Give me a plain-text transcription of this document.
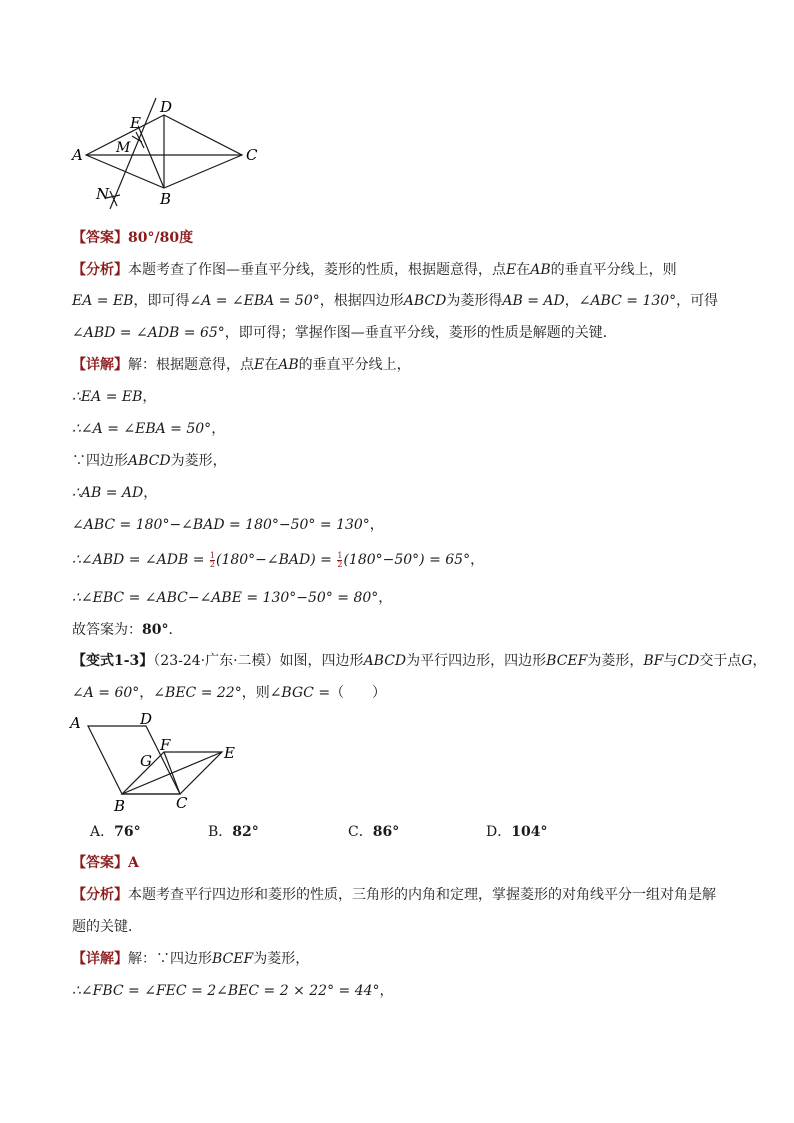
A
D
C
B
E
M
N
【答案】80°/80度
【分析】本题考查了作图—垂直平分线，菱形的性质，根据题意得，点E在AB的垂直平分线上，则
EA = EB，即可得∠A = ∠EBA = 50°，根据四边形ABCD为菱形得AB = AD，∠ABC = 130°，可得
∠ABD = ∠ADB = 65°，即可得；掌握作图—垂直平分线，菱形的性质是解题的关键．
【详解】解：根据题意得，点E在AB的垂直平分线上，
∴EA = EB，
∴∠A = ∠EBA = 50°，
∵四边形ABCD为菱形，
∴AB = AD，
∠ABC = 180°−∠BAD = 180°−50° = 130°，
∴∠ABD = ∠ADB = $\frac{1}{2}$ (180°−∠BAD) = $\frac{1}{2} (180^\circ-50^\circ) = 65^\circ$，
∴∠EBC = ∠ABC−∠ABE = 130°−50° = 80°，
故答案为：80°．
【变式1-3】（23-24·广东·二模）如图，四边形ABCD为平行四边形，四边形BCEF为菱形，BF与CD交于点G，
∠A = 60°，∠BEC = 22°，则∠BGC =（　　）
A	D
F
G	E
B	C
A．76°	B．82°	C．86°	D．104°
【答案】A
【分析】本题考查平行四边形和菱形的性质，三角形的内角和定理，掌握菱形的对角线平分一组对角是解
题的关键．
【详解】解：∵四边形BCEF为菱形，
∴∠FBC = ∠FEC = 2∠BEC = 2 × 22° = 44°，
